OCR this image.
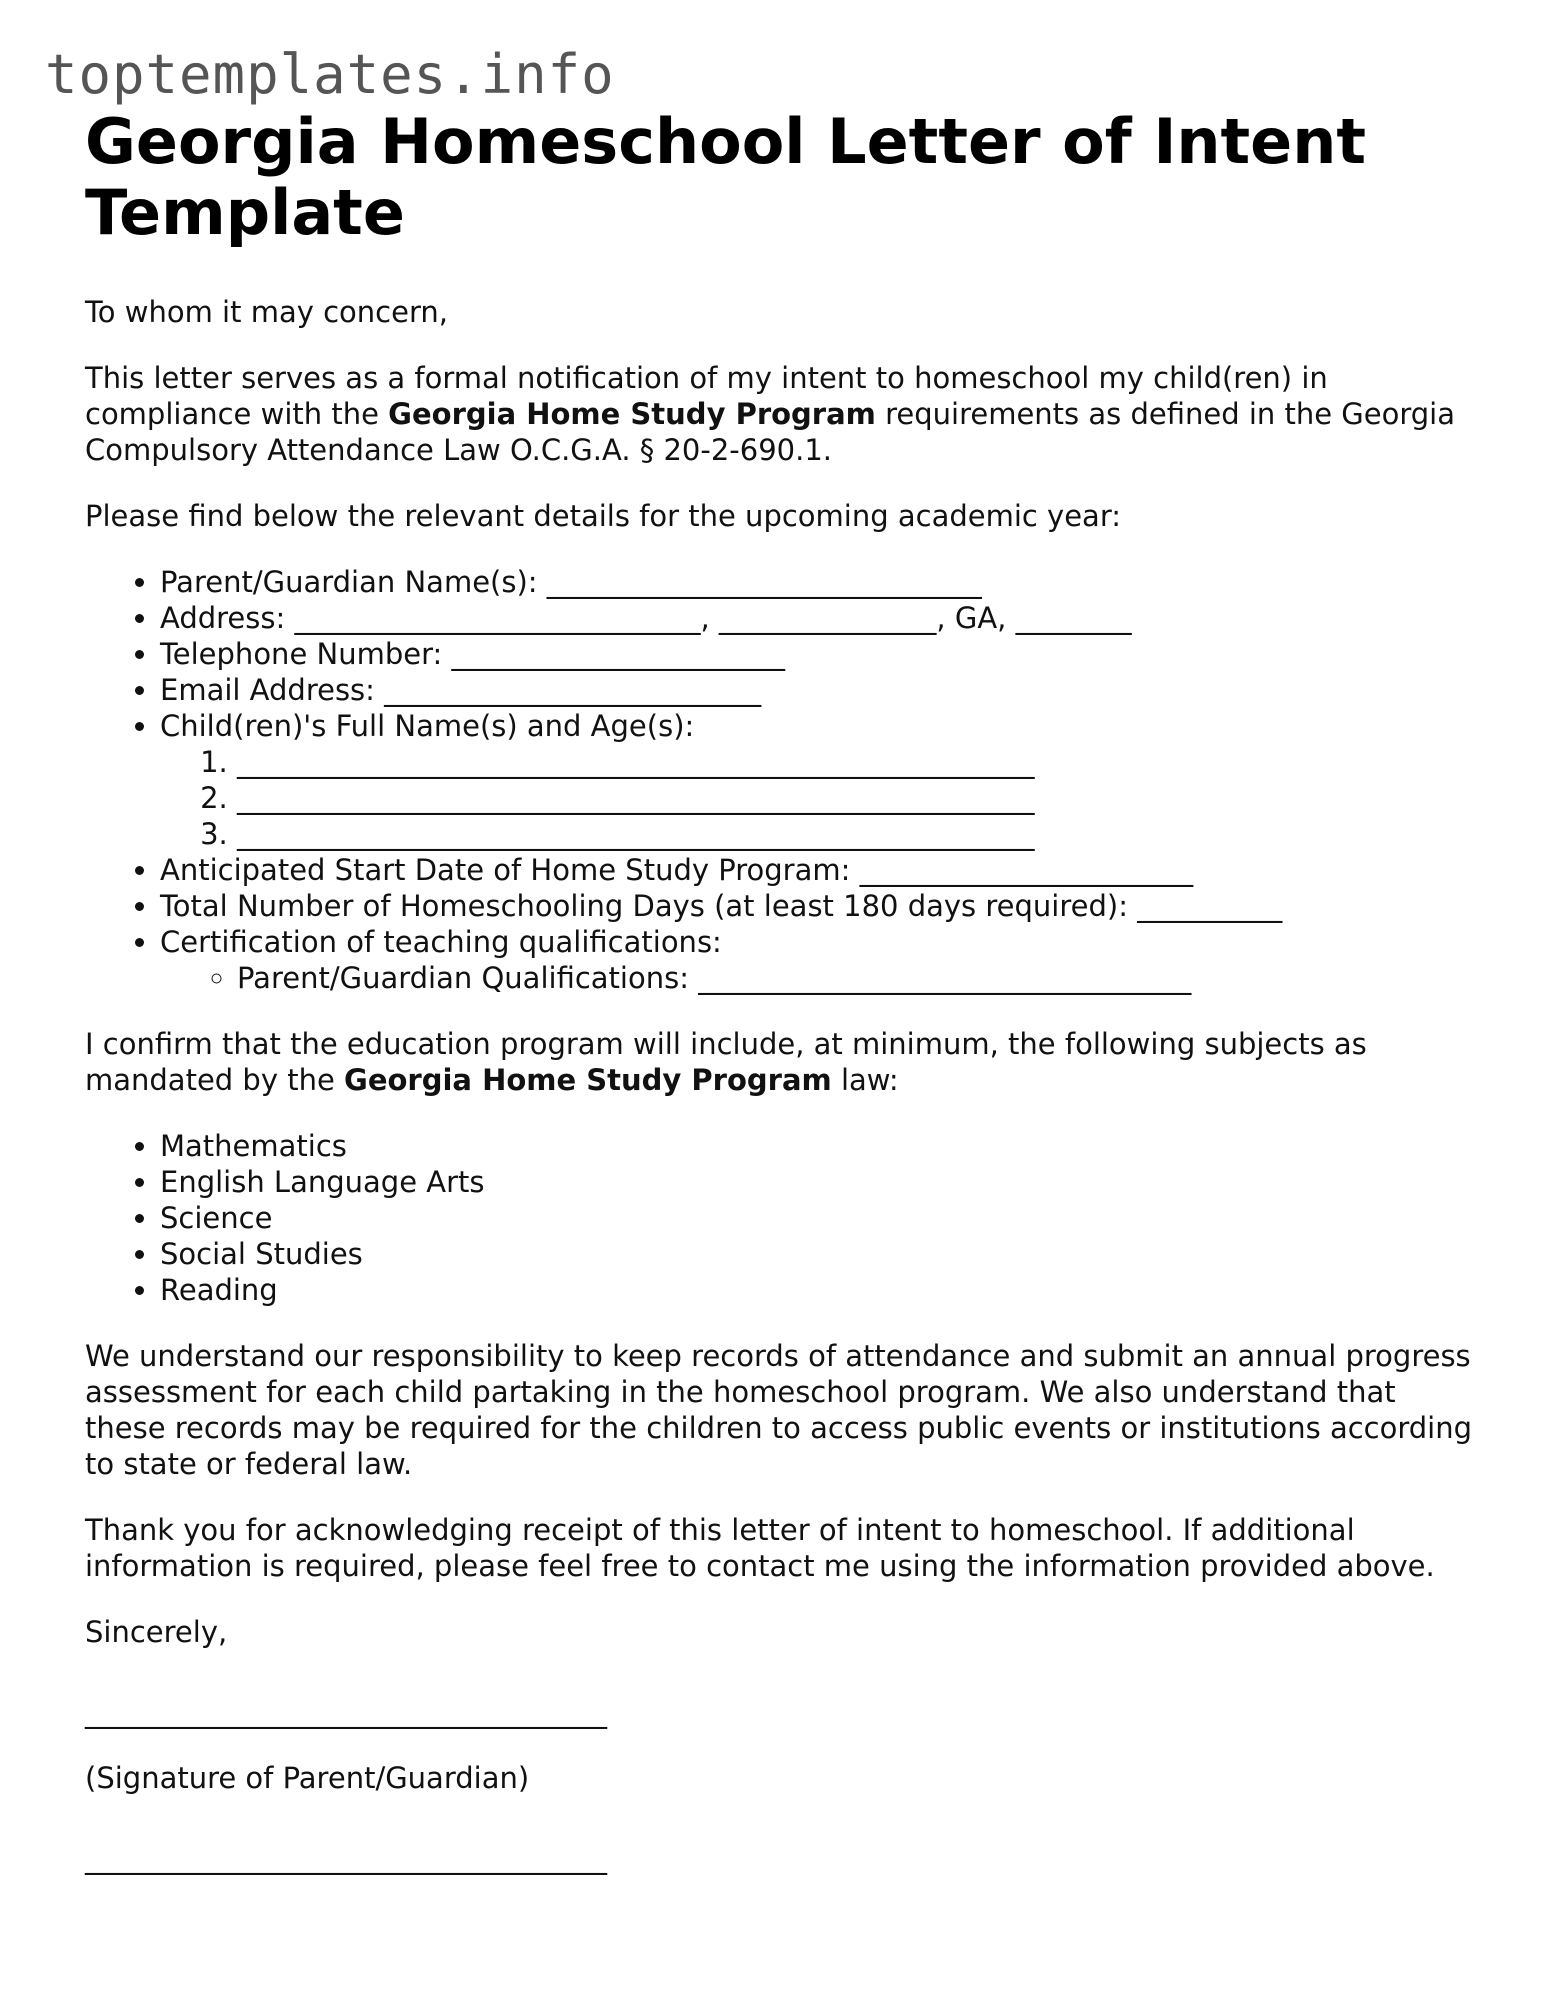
toptemplates.info
Georgia Homeschool Letter of Intent Template

To whom it may concern,

This letter serves as a formal notification of my intent to homeschool my child(ren) in compliance with the Georgia Home Study Program requirements as defined in the Georgia Compulsory Attendance Law O.C.G.A. § 20-2-690.1.

Please find below the relevant details for the upcoming academic year:

• Parent/Guardian Name(s): ______________________________
• Address: ____________________________, _______________, GA, ________
• Telephone Number: _______________________
• Email Address: __________________________
• Child(ren)'s Full Name(s) and Age(s):
1. _______________________________________________________
2. _______________________________________________________
3. _______________________________________________________
• Anticipated Start Date of Home Study Program: _______________________
• Total Number of Homeschooling Days (at least 180 days required): __________
• Certification of teaching qualifications:
◦ Parent/Guardian Qualifications: __________________________________

I confirm that the education program will include, at minimum, the following subjects as mandated by the Georgia Home Study Program law:

• Mathematics
• English Language Arts
• Science
• Social Studies
• Reading

We understand our responsibility to keep records of attendance and submit an annual progress assessment for each child partaking in the homeschool program. We also understand that these records may be required for the children to access public events or institutions according to state or federal law.

Thank you for acknowledging receipt of this letter of intent to homeschool. If additional information is required, please feel free to contact me using the information provided above.

Sincerely,

____________________________________

(Signature of Parent/Guardian)

____________________________________
